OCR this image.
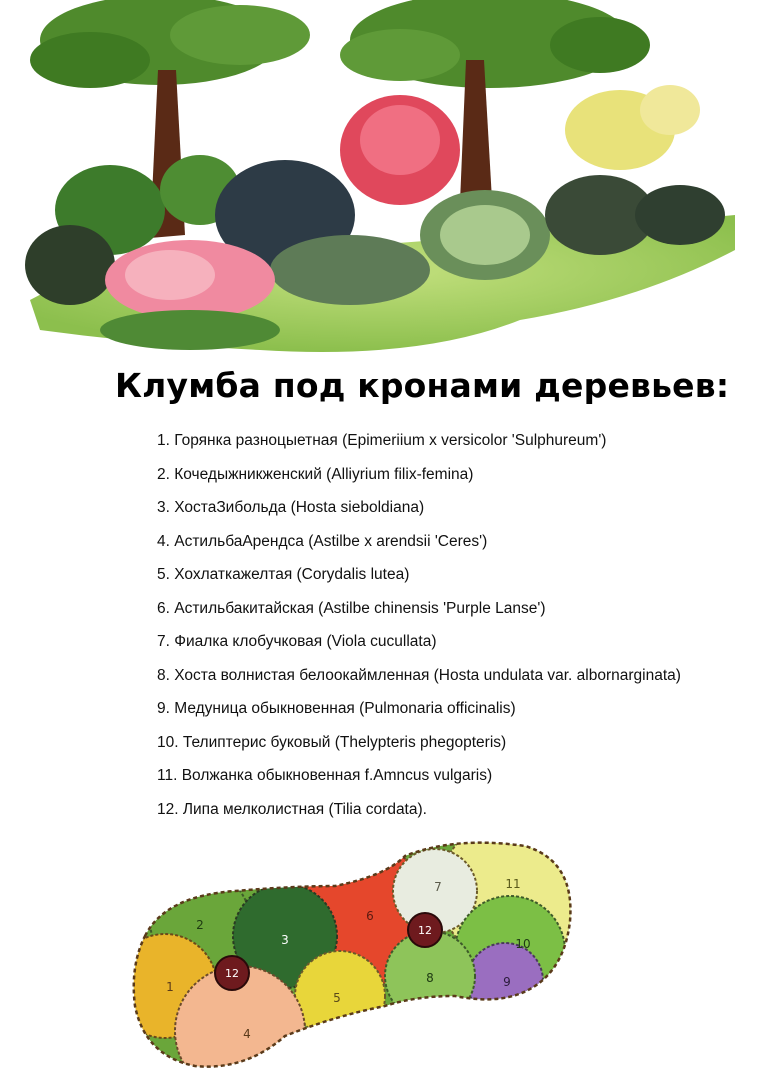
Клумба под кронами деревьев:
1. Горянка разноцыетная (Epimeriium x versicolor 'Sulphureum')
2. Кочедыжникженский (Alliyrium filix-femina)
3. ХостаЗибольда (Hosta sieboldiana)
4. АстильбаАрендса (Astilbe x arendsii 'Ceres')
5. Хохлаткажелтая (Corydalis lutea)
6. Астильбакитайская (Astilbe chinensis 'Purple Lanse')
7. Фиалка клобучковая (Viola cucullata)
8. Хоста волнистая белоокаймленная (Hosta undulata var. albornarginata)
9. Медуница обыкновенная (Pulmonaria officinalis)
10. Телиптерис буковый (Thelypteris phegopteris)
11. Волжанка обыкновенная f.Amncus vulgaris)
12. Липа мелколистная (Tilia cordata).
1
2
3
4
5
6
7
8	9
10
11
12
12
